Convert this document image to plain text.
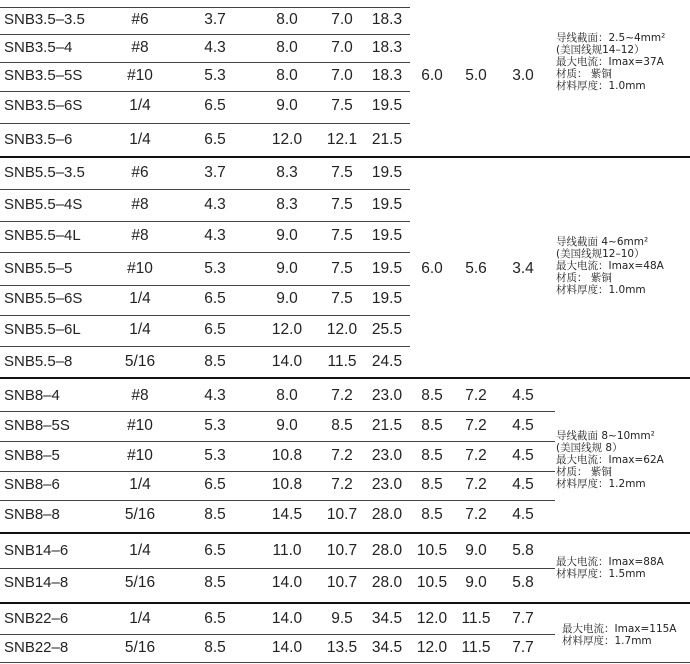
SNB3.5–3.5	#6	3.7	8.0 7.0 18.3
SNB3.5–4	#8	4.3	8.0 7.0 18.3
SNB3.5–5S	#10	5.3	8.0 7.0 18.3 6.0 5.0 3.0
SNB3.5–6S	1/4	6.5	9.0 7.5 19.5
SNB3.5–6	1/4	6.5	12.0 12.1 21.5
SNB5.5–3.5	#6	3.7	8.3 7.5 19.5
SNB5.5–4S	#8	4.3	8.3 7.5 19.5
SNB5.5–4L	#8	4.3	9.0 7.5 19.5
SNB5.5–5	#10	5.3	9.0 7.5 19.5 6.0 5.6 3.4
SNB5.5–6S	1/4	6.5	9.0 7.5 19.5
SNB5.5–6L	1/4	6.5	12.0 12.0 25.5
SNB5.5–8	5/16	8.5	14.0 11.5 24.5
SNB8–4	#8	4.3	8.0 7.2 23.0 8.5 7.2 4.5
SNB8–5S	#10	5.3	9.0 8.5 21.5 8.5 7.2 4.5
SNB8–5	#10	5.3	10.8 7.2 23.0 8.5 7.2 4.5
SNB8–6	1/4	6.5	10.8 7.2 23.0 8.5 7.2 4.5
SNB8–8	5/16	8.5	14.5 10.7 28.0 8.5 7.2 4.5
SNB14–6	1/4	6.5	11.0 10.7 28.0 10.5 9.0 5.8
SNB14–8	5/16	8.5	14.0 10.7 28.0 10.5 9.0 5.8
SNB22–6	1/4	6.5	14.0 9.5 34.5 12.0 11.5 7.7
SNB22–8	5/16	8.5	14.0 13.5 34.5 12.0 11.5 7.7
导线截面：2.5~4mm²
(美国线规14–12）
最大电流：Imax=37A
材质： 紫铜
材料厚度：1.0mm
导线截面 4~6mm²
(美国线规12–10）
最大电流：Imax=48A
材质： 紫铜
材料厚度：1.0mm
导线截面 8~10mm²
(美国线规 8）
最大电流：Imax=62A
材质： 紫铜
材料厚度：1.2mm
最大电流：Imax=88A
材料厚度：1.5mm
最大电流：Imax=115A
材料厚度：1.7mm
